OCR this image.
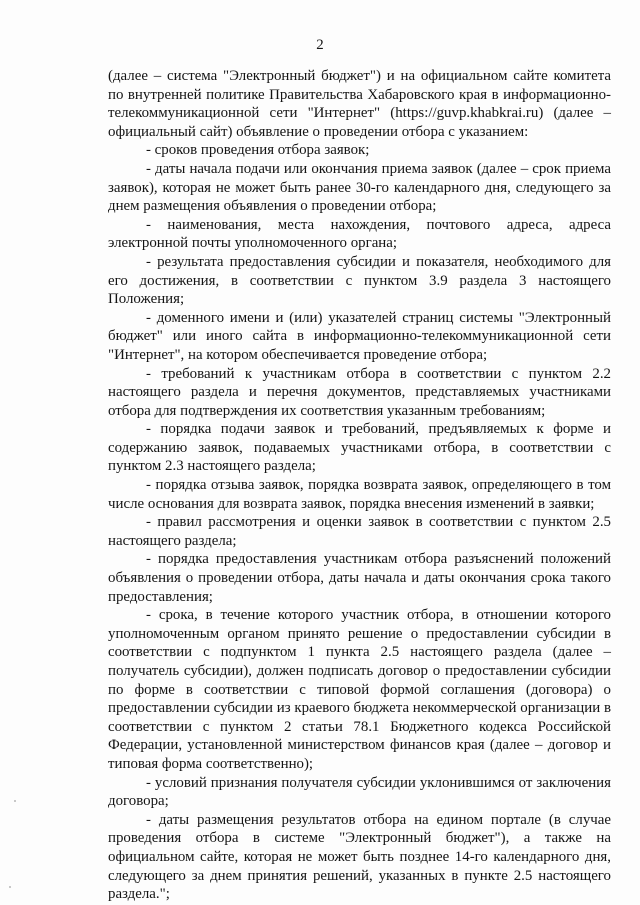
2

(далее – система "Электронный бюджет") и на официальном сайте комитета по внутренней политике Правительства Хабаровского края в информационно-телекоммуникационной сети "Интернет" (https://guvp.khabkrai.ru) (далее – официальный сайт) объявление о проведении отбора с указанием:

- сроков проведения отбора заявок;

- даты начала подачи или окончания приема заявок (далее – срок приема заявок), которая не может быть ранее 30-го календарного дня, следующего за днем размещения объявления о проведении отбора;

- наименования, места нахождения, почтового адреса, адреса электронной почты уполномоченного органа;

- результата предоставления субсидии и показателя, необходимого для его достижения, в соответствии с пунктом 3.9 раздела 3 настоящего Положения;

- доменного имени и (или) указателей страниц системы "Электронный бюджет" или иного сайта в информационно-телекоммуникационной сети "Интернет", на котором обеспечивается проведение отбора;

- требований к участникам отбора в соответствии с пунктом 2.2 настоящего раздела и перечня документов, представляемых участниками отбора для подтверждения их соответствия указанным требованиям;

- порядка подачи заявок и требований, предъявляемых к форме и содержанию заявок, подаваемых участниками отбора, в соответствии с пунктом 2.3 настоящего раздела;

- порядка отзыва заявок, порядка возврата заявок, определяющего в том числе основания для возврата заявок, порядка внесения изменений в заявки;

- правил рассмотрения и оценки заявок в соответствии с пунктом 2.5 настоящего раздела;

- порядка предоставления участникам отбора разъяснений положений объявления о проведении отбора, даты начала и даты окончания срока такого предоставления;

- срока, в течение которого участник отбора, в отношении которого уполномоченным органом принято решение о предоставлении субсидии в соответствии с подпунктом 1 пункта 2.5 настоящего раздела (далее – получатель субсидии), должен подписать договор о предоставлении субсидии по форме в соответствии с типовой формой соглашения (договора) о предоставлении субсидии из краевого бюджета некоммерческой организации в соответствии с пунктом 2 статьи 78.1 Бюджетного кодекса Российской Федерации, установленной министерством финансов края (далее – договор и типовая форма соответственно);

- условий признания получателя субсидии уклонившимся от заключения договора;

- даты размещения результатов отбора на едином портале (в случае проведения отбора в системе "Электронный бюджет"), а также на официальном сайте, которая не может быть позднее 14-го календарного дня, следующего за днем принятия решений, указанных в пункте 2.5 настоящего раздела.";
